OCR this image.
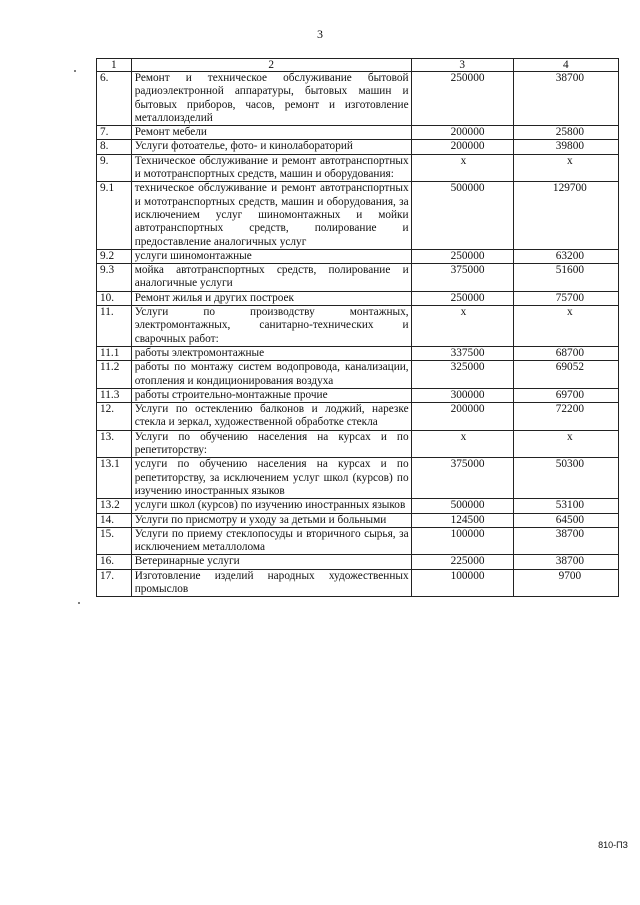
3
1	2	3	4
6.	Ремонт и техническое обслуживание бытовой радиоэлектронной аппаратуры, бытовых машин и бытовых приборов, часов, ремонт и изготовление металлоизделий	250000	38700
7.	Ремонт мебели	200000	25800
8.	Услуги фотоателье, фото- и кинолабораторий	200000	39800
9.	Техническое обслуживание и ремонт автотранспортных и мототранспортных средств, машин и оборудования:	х	х
9.1	техническое обслуживание и ремонт автотранспортных и мототранспортных средств, машин и оборудования, за исключением услуг шиномонтажных и мойки автотранспортных средств, полирование и предоставление аналогичных услуг	500000	129700
9.2	услуги шиномонтажные	250000	63200
9.3	мойка автотранспортных средств, полирование и аналогичные услуги	375000	51600
10.	Ремонт жилья и других построек	250000	75700
11.	Услуги по производству монтажных, электромонтажных, санитарно-технических и сварочных работ:	х	х
11.1	работы электромонтажные	337500	68700
11.2	работы по монтажу систем водопровода, канализации, отопления и кондиционирования воздуха	325000	69052
11.3	работы строительно-монтажные прочие	300000	69700
12.	Услуги по остеклению балконов и лоджий, нарезке стекла и зеркал, художественной обработке стекла	200000	72200
13.	Услуги по обучению населения на курсах и по репетиторству:	х	х
13.1	услуги по обучению населения на курсах и по репетиторству, за исключением услуг школ (курсов) по изучению иностранных языков	375000	50300
13.2	услуги школ (курсов) по изучению иностранных языков	500000	53100
14.	Услуги по присмотру и уходу за детьми и больными	124500	64500
15.	Услуги по приему стеклопосуды и вторичного сырья, за исключением металлолома	100000	38700
16.	Ветеринарные услуги	225000	38700
17.	Изготовление изделий народных художественных промыслов	100000	9700
810-ПЗ
